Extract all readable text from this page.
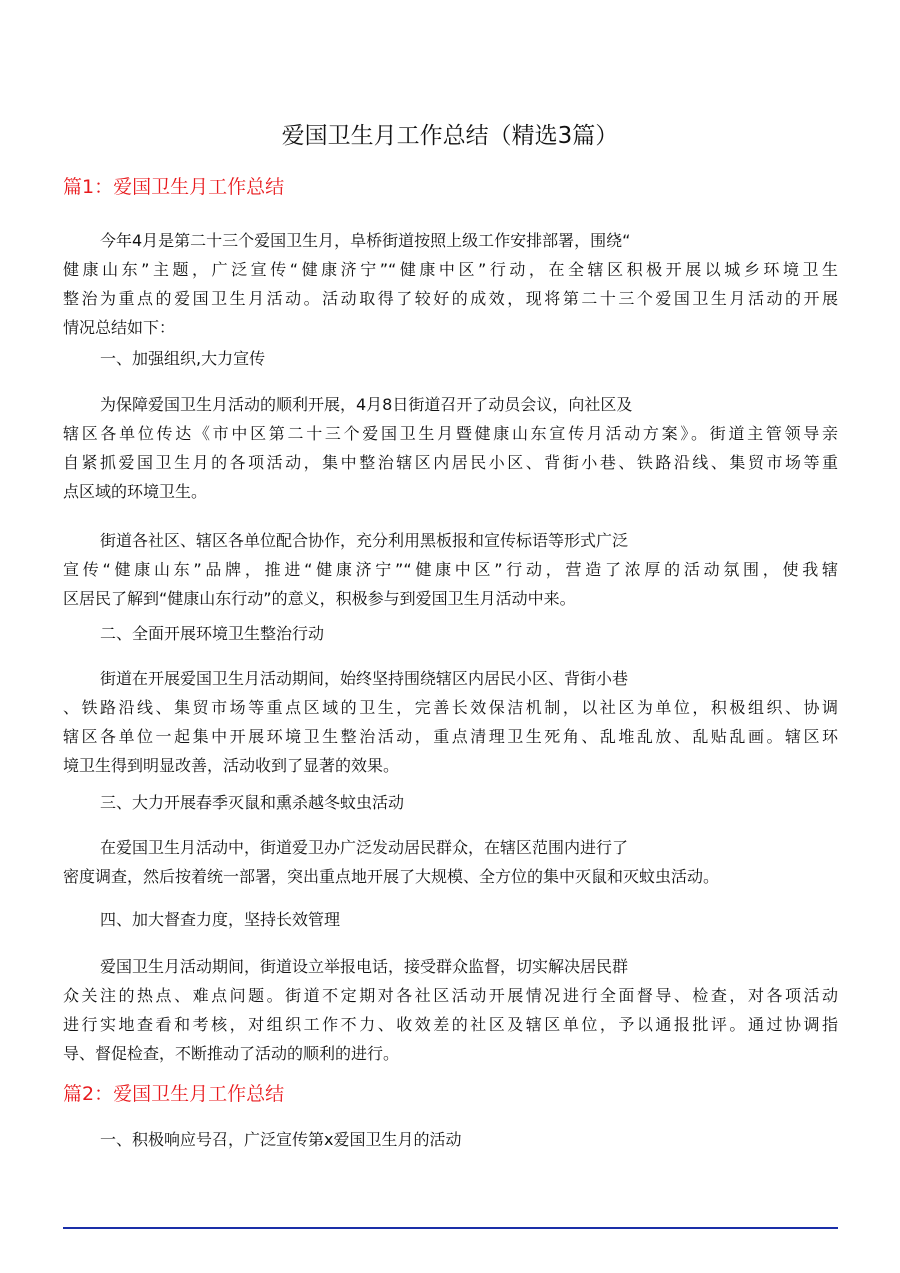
爱国卫生月工作总结（精选3篇）
篇1：爱国卫生月工作总结
今年4月是第二十三个爱国卫生月，阜桥街道按照上级工作安排部署，围绕“
健康山东”主题，广泛宣传“健康济宁”“健康中区”行动，在全辖区积极开展以城乡环境卫生
整治为重点的爱国卫生月活动。活动取得了较好的成效，现将第二十三个爱国卫生月活动的开展
情况总结如下：
一、加强组织,大力宣传
为保障爱国卫生月活动的顺利开展，4月8日街道召开了动员会议，向社区及
辖区各单位传达《市中区第二十三个爱国卫生月暨健康山东宣传月活动方案》。街道主管领导亲
自紧抓爱国卫生月的各项活动，集中整治辖区内居民小区、背街小巷、铁路沿线、集贸市场等重
点区域的环境卫生。
街道各社区、辖区各单位配合协作，充分利用黑板报和宣传标语等形式广泛
宣传“健康山东”品牌，推进“健康济宁”“健康中区”行动，营造了浓厚的活动氛围，使我辖
区居民了解到“健康山东行动”的意义，积极参与到爱国卫生月活动中来。
二、全面开展环境卫生整治行动
街道在开展爱国卫生月活动期间，始终坚持围绕辖区内居民小区、背街小巷
、铁路沿线、集贸市场等重点区域的卫生，完善长效保洁机制，以社区为单位，积极组织、协调
辖区各单位一起集中开展环境卫生整治活动，重点清理卫生死角、乱堆乱放、乱贴乱画。辖区环
境卫生得到明显改善，活动收到了显著的效果。
三、大力开展春季灭鼠和熏杀越冬蚊虫活动
在爱国卫生月活动中，街道爱卫办广泛发动居民群众，在辖区范围内进行了
密度调查，然后按着统一部署，突出重点地开展了大规模、全方位的集中灭鼠和灭蚊虫活动。
四、加大督查力度，坚持长效管理
爱国卫生月活动期间，街道设立举报电话，接受群众监督，切实解决居民群
众关注的热点、难点问题。街道不定期对各社区活动开展情况进行全面督导、检查，对各项活动
进行实地查看和考核，对组织工作不力、收效差的社区及辖区单位，予以通报批评。通过协调指
导、督促检查，不断推动了活动的顺利的进行。
篇2：爱国卫生月工作总结
一、积极响应号召，广泛宣传第x爱国卫生月的活动
